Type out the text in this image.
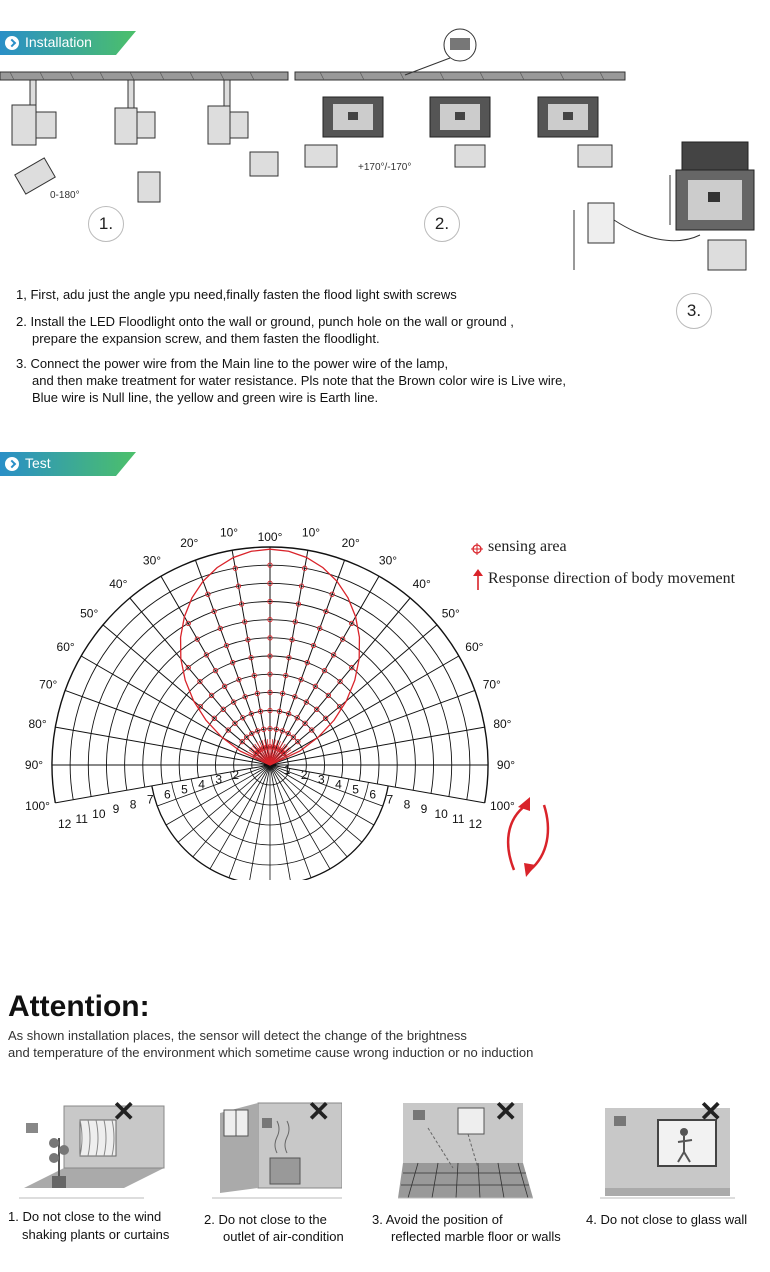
Installation
0-180°
+170°/-170°
1.	2.
3.
1, First, adu just the angle ypu need,finally fasten the flood light swith screws
2. Install the LED Floodlight onto the wall or ground, punch hole on the wall or ground ,
prepare the expansion screw, and them fasten the floodlight.
3. Connect the power wire from the Main line to the power wire of the lamp,
and then make treatment for water resistance. Pls note that the Brown color wire is Live wire,
Blue wire is Null line, the yellow and green wire is Earth line.
Test
100°
10°	10°
20°	20°
30°	30°
40°	40°
50°	50°
60°	60°
70°	70°
80°	80°
90°	90°
100°	100°
12 11 10 9 8 7 6 5 4 3 2	1 2 3 4 5 6 7 8 9 10 11 12
sensing area
Response direction of body movement
Attention:
As shown installation places, the sensor will detect the change of the brightness
and temperature of the environment which sometime cause wrong induction or no induction
✕	✕	✕	✕
1. Do not close to the wind
shaking plants or curtains
2. Do not close to the
outlet of air-condition
3. Avoid the position of
reflected marble floor or walls
4. Do not close to glass wall
